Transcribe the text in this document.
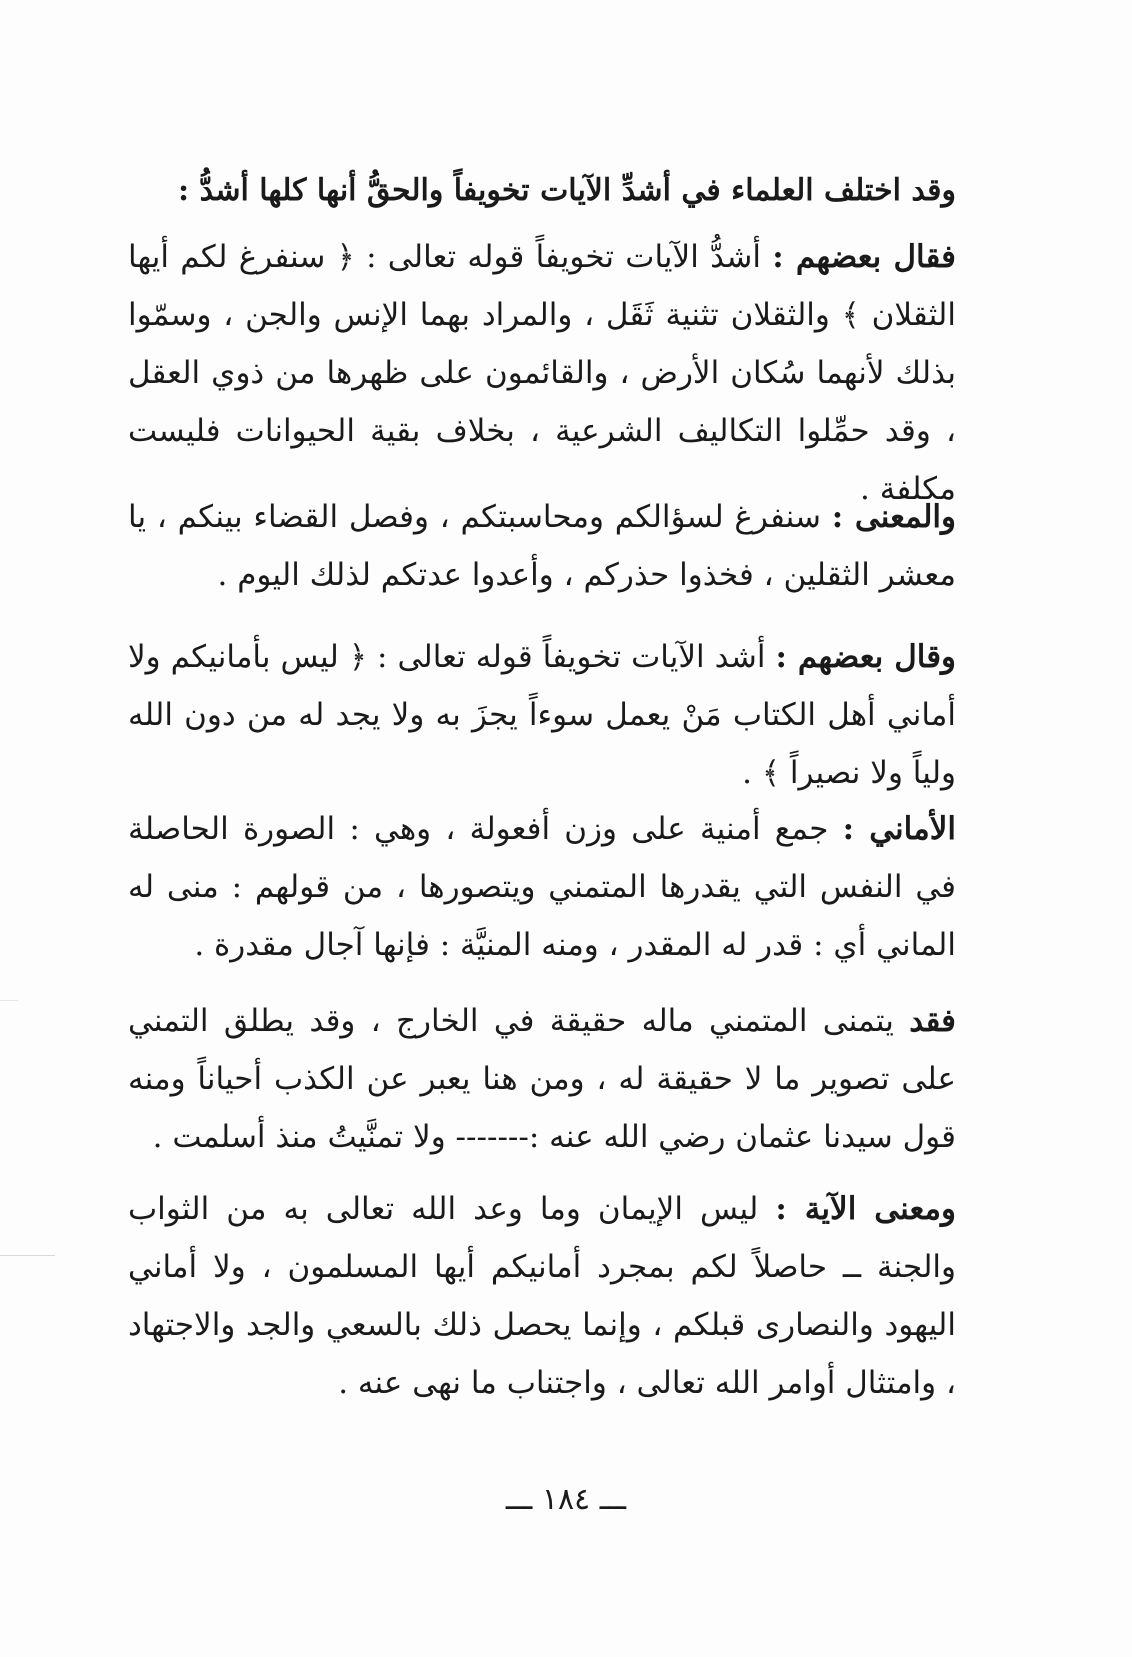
وقد اختلف العلماء في أشدِّ الآيات تخويفاً والحقُّ أنها كلها أشدُّ :
فقال بعضهم : أشدُّ الآيات تخويفاً قوله تعالى : ﴿ سنفرغ لكم أيها الثقلان ﴾ والثقلان تثنية ثَقَل ، والمراد بهما الإنس والجن ، وسمّوا بذلك لأنهما سُكان الأرض ، والقائمون على ظهرها من ذوي العقل ، وقد حمِّلوا التكاليف الشرعية ، بخلاف بقية الحيوانات فليست مكلفة .
والمعنى : سنفرغ لسؤالكم ومحاسبتكم ، وفصل القضاء بينكم ، يا معشر الثقلين ، فخذوا حذركم ، وأعدوا عدتكم لذلك اليوم .
وقال بعضهم : أشد الآيات تخويفاً قوله تعالى : ﴿ ليس بأمانيكم ولا أماني أهل الكتاب مَنْ يعمل سوءاً يجزَ به ولا يجد له من دون الله ولياً ولا نصيراً ﴾ .
الأماني : جمع أمنية على وزن أفعولة ، وهي : الصورة الحاصلة في النفس التي يقدرها المتمني ويتصورها ، من قولهم : منى له الماني أي : قدر له المقدر ، ومنه المنيَّة : فإنها آجال مقدرة .
فقد يتمنى المتمني ماله حقيقة في الخارج ، وقد يطلق التمني على تصوير ما لا حقيقة له ، ومن هنا يعبر عن الكذب أحياناً ومنه قول سيدنا عثمان رضي الله عنه :------- ولا تمنَّيتُ منذ أسلمت .
ومعنى الآية : ليس الإيمان وما وعد الله تعالى به من الثواب والجنة ــ حاصلاً لكم بمجرد أمانيكم أيها المسلمون ، ولا أماني اليهود والنصارى قبلكم ، وإنما يحصل ذلك بالسعي والجد والاجتهاد ، وامتثال أوامر الله تعالى ، واجتناب ما نهى عنه .
ـــ ١٨٤ ـــ
